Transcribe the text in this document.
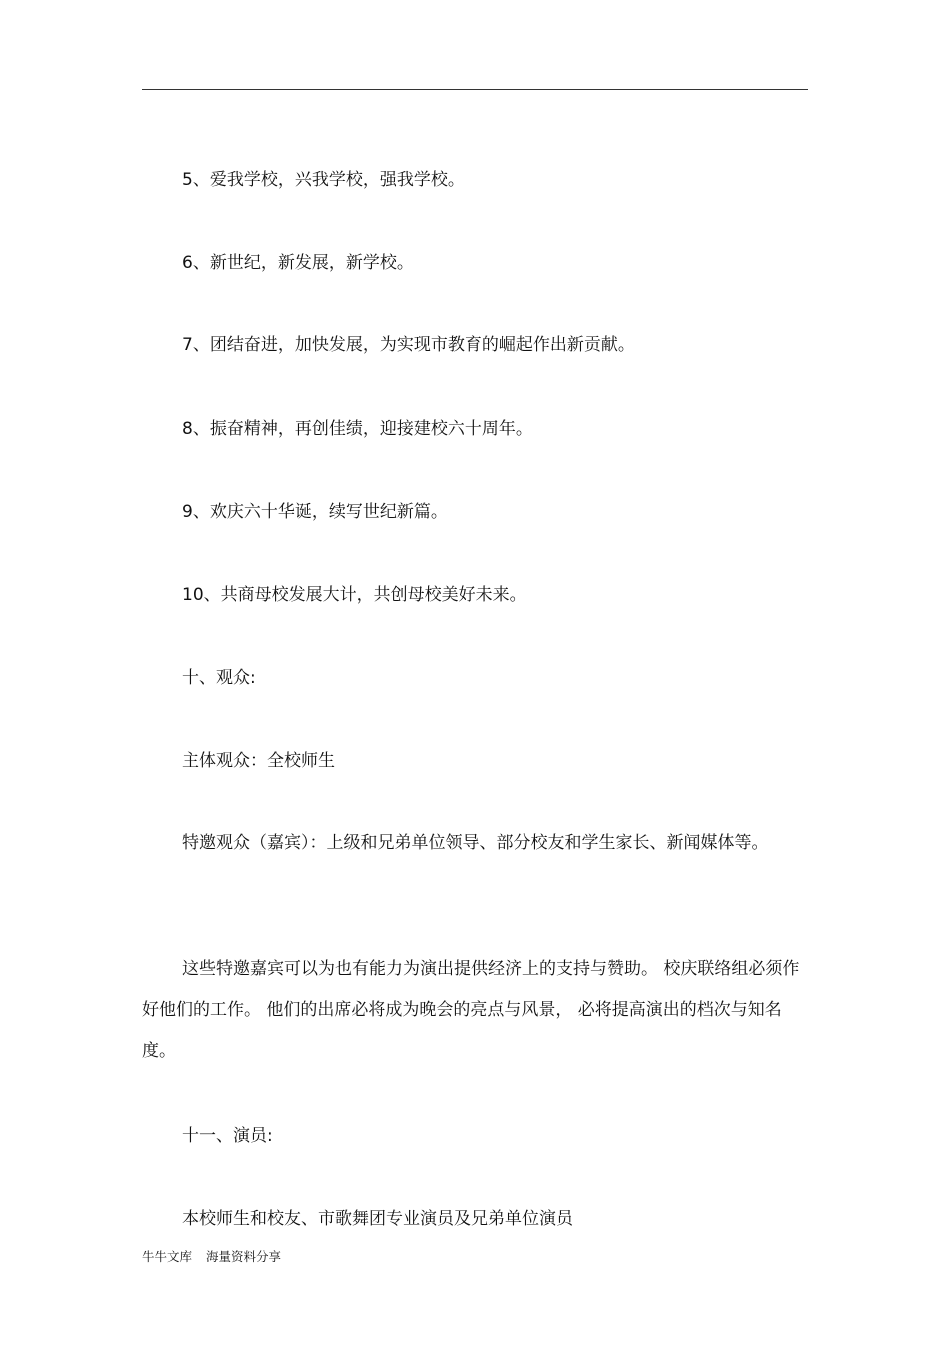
5、爱我学校，兴我学校，强我学校。
6、新世纪，新发展，新学校。
7、团结奋进，加快发展，为实现市教育的崛起作出新贡献。
8、振奋精神，再创佳绩，迎接建校六十周年。
9、欢庆六十华诞，续写世纪新篇。
10、共商母校发展大计，共创母校美好未来。
十、观众:
主体观众：全校师生
特邀观众（嘉宾）：上级和兄弟单位领导、部分校友和学生家长、新闻媒体等。
这些特邀嘉宾可以为也有能力为演出提供经济上的支持与赞助。 校庆联络组必须作好他们的工作。 他们的出席必将成为晚会的亮点与风景， 必将提高演出的档次与知名度。
十一、演员:
本校师生和校友、市歌舞团专业演员及兄弟单位演员
牛牛文库 海量资料分享
